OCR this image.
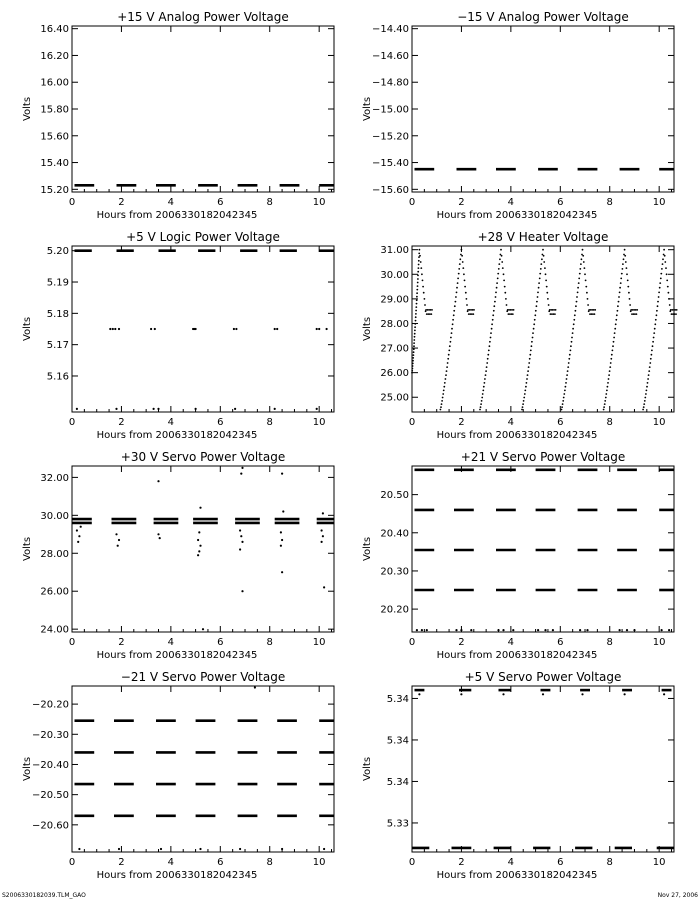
+15 V Analog Power Voltage
0	2	4	6	8	10
15.20
15.40
15.60
15.80
16.00
16.20
16.40
Hours from 2006330182042345
Volts
−15 V Analog Power Voltage
0	2	4	6	8	10
−15.60
−15.40
−15.20
−15.00
−14.80
−14.60
−14.40
Hours from 2006330182042345
Volts
+5 V Logic Power Voltage
0	2	4	6	8	10
5.16
5.17
5.18
5.19
5.20
Hours from 2006330182042345
Volts
+28 V Heater Voltage
0	2	4	6	8	10
25.00
26.00
27.00
28.00
29.00
30.00
31.00
Hours from 2006330182042345
Volts
+30 V Servo Power Voltage
0	2	4	6	8	10
24.00
26.00
28.00
30.00
32.00
Hours from 2006330182042345
Volts
+21 V Servo Power Voltage
0	2	4	6	8	10
20.20
20.30
20.40
20.50
Hours from 2006330182042345
Volts
−21 V Servo Power Voltage
0	2	4	6	8	10
−20.60
−20.50
−20.40
−20.30
−20.20
Hours from 2006330182042345
Volts
+5 V Servo Power Voltage
0	2	4	6	8	10
5.33
5.34
5.34
5.34
Hours from 2006330182042345
Volts
S2006330182039.TLM_GAO	Nov 27, 2006
